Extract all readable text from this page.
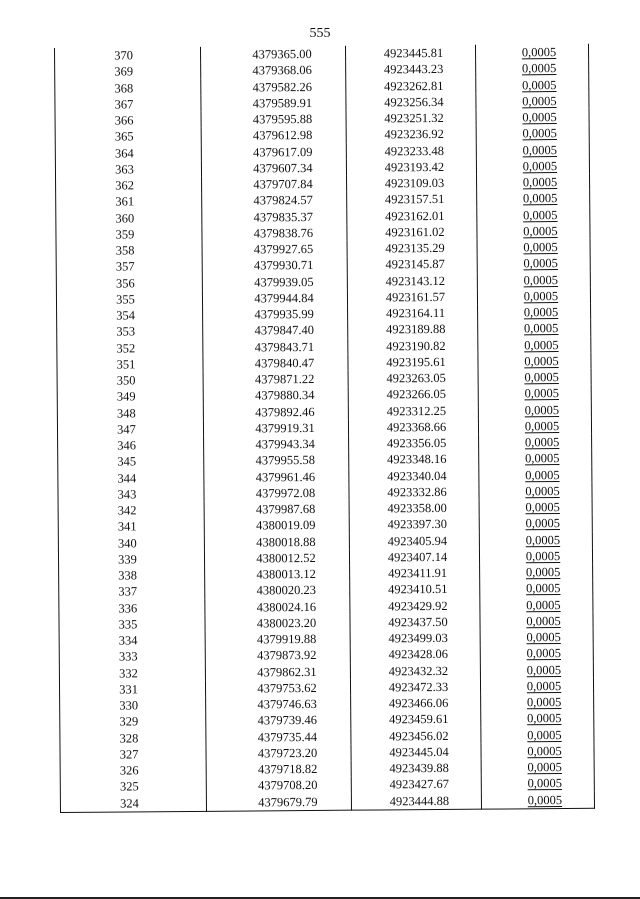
555
370	4379365.00	4923445.81	0,0005
369	4379368.06	4923443.23	0,0005
368	4379582.26	4923262.81	0,0005
367	4379589.91	4923256.34	0,0005
366	4379595.88	4923251.32	0,0005
365	4379612.98	4923236.92	0,0005
364	4379617.09	4923233.48	0,0005
363	4379607.34	4923193.42	0,0005
362	4379707.84	4923109.03	0,0005
361	4379824.57	4923157.51	0,0005
360	4379835.37	4923162.01	0,0005
359	4379838.76	4923161.02	0,0005
358	4379927.65	4923135.29	0,0005
357	4379930.71	4923145.87	0,0005
356	4379939.05	4923143.12	0,0005
355	4379944.84	4923161.57	0,0005
354	4379935.99	4923164.11	0,0005
353	4379847.40	4923189.88	0,0005
352	4379843.71	4923190.82	0,0005
351	4379840.47	4923195.61	0,0005
350	4379871.22	4923263.05	0,0005
349	4379880.34	4923266.05	0,0005
348	4379892.46	4923312.25	0,0005
347	4379919.31	4923368.66	0,0005
346	4379943.34	4923356.05	0,0005
345	4379955.58	4923348.16	0,0005
344	4379961.46	4923340.04	0,0005
343	4379972.08	4923332.86	0,0005
342	4379987.68	4923358.00	0,0005
341	4380019.09	4923397.30	0,0005
340	4380018.88	4923405.94	0,0005
339	4380012.52	4923407.14	0,0005
338	4380013.12	4923411.91	0,0005
337	4380020.23	4923410.51	0,0005
336	4380024.16	4923429.92	0,0005
335	4380023.20	4923437.50	0,0005
334	4379919.88	4923499.03	0,0005
333	4379873.92	4923428.06	0,0005
332	4379862.31	4923432.32	0,0005
331	4379753.62	4923472.33	0,0005
330	4379746.63	4923466.06	0,0005
329	4379739.46	4923459.61	0,0005
328	4379735.44	4923456.02	0,0005
327	4379723.20	4923445.04	0,0005
326	4379718.82	4923439.88	0,0005
325	4379708.20	4923427.67	0,0005
324	4379679.79	4923444.88	0,0005
